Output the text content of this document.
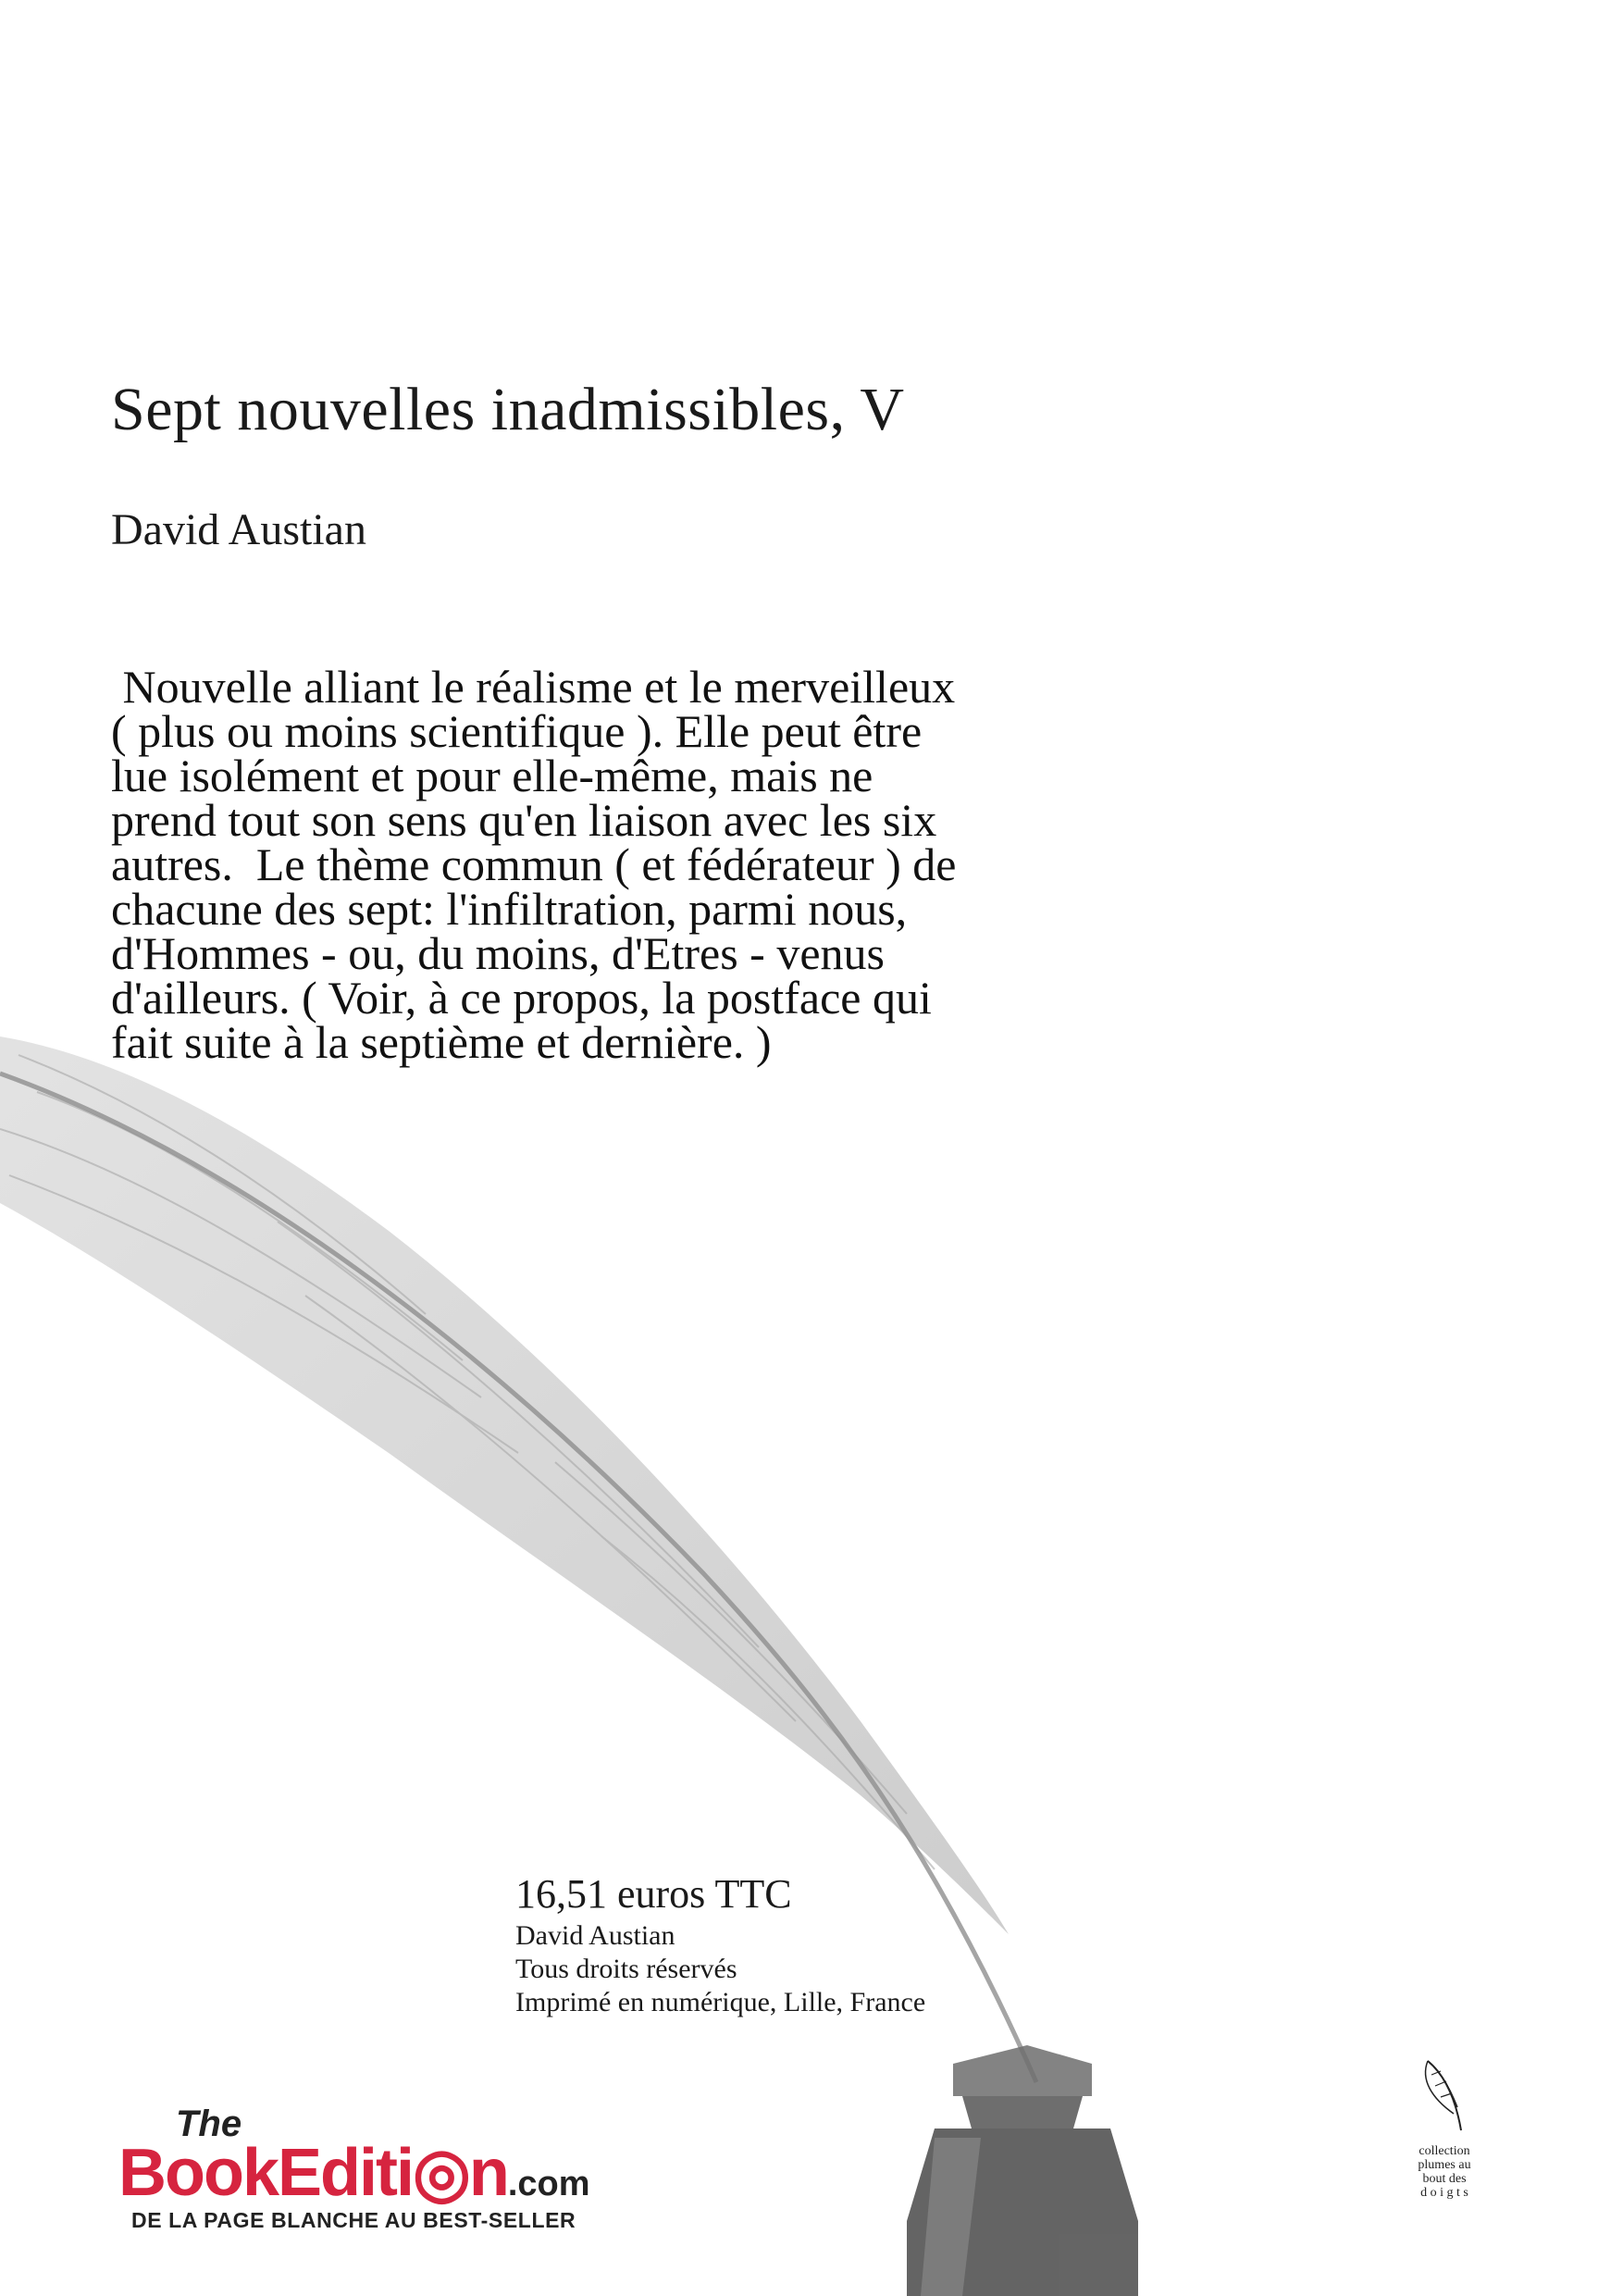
Sept nouvelles inadmissibles, V
David Austian
Nouvelle alliant le réalisme et le merveilleux
( plus ou moins scientifique ). Elle peut être
lue isolément et pour elle-même, mais ne
prend tout son sens qu'en liaison avec les six
autres.  Le thème commun ( et fédérateur ) de
chacune des sept: l'infiltration, parmi nous,
d'Hommes - ou, du moins, d'Etres - venus
d'ailleurs. ( Voir, à ce propos, la postface qui
fait suite à la septième et dernière. )
16,51 euros TTC
David Austian
Tous droits réservés
Imprimé en numérique, Lille, France
The
BookEditi◎n.com
DE LA PAGE BLANCHE AU BEST-SELLER
collection
plumes au
bout des
d o i g t s
